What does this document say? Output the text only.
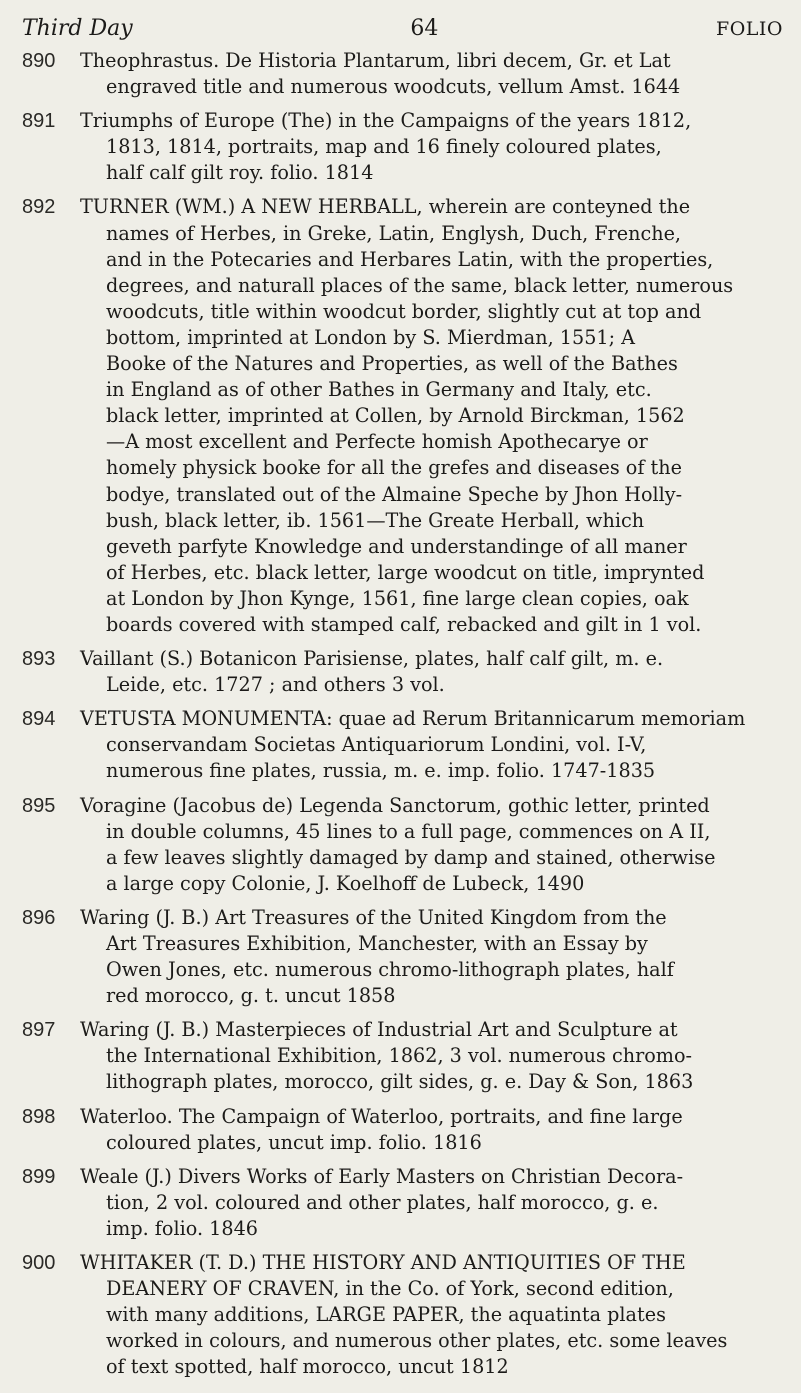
Third Day	64	FOLIO
890	Theophrastus. De Historia Plantarum, libri decem, Gr. et Lat
engraved title and numerous woodcuts, vellum Amst. 1644
891	Triumphs of Europe (The) in the Campaigns of the years 1812,
1813, 1814, portraits, map and 16 finely coloured plates,
half calf gilt roy. folio. 1814
892	TURNER (WM.) A NEW HERBALL, wherein are conteyned the
names of Herbes, in Greke, Latin, Englysh, Duch, Frenche,
and in the Potecaries and Herbares Latin, with the properties,
degrees, and naturall places of the same, black letter, numerous
woodcuts, title within woodcut border, slightly cut at top and
bottom, imprinted at London by S. Mierdman, 1551; A
Booke of the Natures and Properties, as well of the Bathes
in England as of other Bathes in Germany and Italy, etc.
black letter, imprinted at Collen, by Arnold Birckman, 1562
—A most excellent and Perfecte homish Apothecarye or
homely physick booke for all the grefes and diseases of the
bodye, translated out of the Almaine Speche by Jhon Holly-
bush, black letter, ib. 1561—The Greate Herball, which
geveth parfyte Knowledge and understandinge of all maner
of Herbes, etc. black letter, large woodcut on title, imprynted
at London by Jhon Kynge, 1561, fine large clean copies, oak
boards covered with stamped calf, rebacked and gilt in 1 vol.
893	Vaillant (S.) Botanicon Parisiense, plates, half calf gilt, m. e.
Leide, etc. 1727 ; and others 3 vol.
894	VETUSTA MONUMENTA: quae ad Rerum Britannicarum memoriam
conservandam Societas Antiquariorum Londini, vol. I-V,
numerous fine plates, russia, m. e. imp. folio. 1747-1835
895	Voragine (Jacobus de) Legenda Sanctorum, gothic letter, printed
in double columns, 45 lines to a full page, commences on A II,
a few leaves slightly damaged by damp and stained, otherwise
a large copy Colonie, J. Koelhoff de Lubeck, 1490
896	Waring (J. B.) Art Treasures of the United Kingdom from the
Art Treasures Exhibition, Manchester, with an Essay by
Owen Jones, etc. numerous chromo-lithograph plates, half
red morocco, g. t. uncut 1858
897	Waring (J. B.) Masterpieces of Industrial Art and Sculpture at
the International Exhibition, 1862, 3 vol. numerous chromo-
lithograph plates, morocco, gilt sides, g. e. Day & Son, 1863
898	Waterloo. The Campaign of Waterloo, portraits, and fine large
coloured plates, uncut imp. folio. 1816
899	Weale (J.) Divers Works of Early Masters on Christian Decora-
tion, 2 vol. coloured and other plates, half morocco, g. e.
imp. folio. 1846
900	WHITAKER (T. D.) THE HISTORY AND ANTIQUITIES OF THE
DEANERY OF CRAVEN, in the Co. of York, second edition,
with many additions, LARGE PAPER, the aquatinta plates
worked in colours, and numerous other plates, etc. some leaves
of text spotted, half morocco, uncut 1812
